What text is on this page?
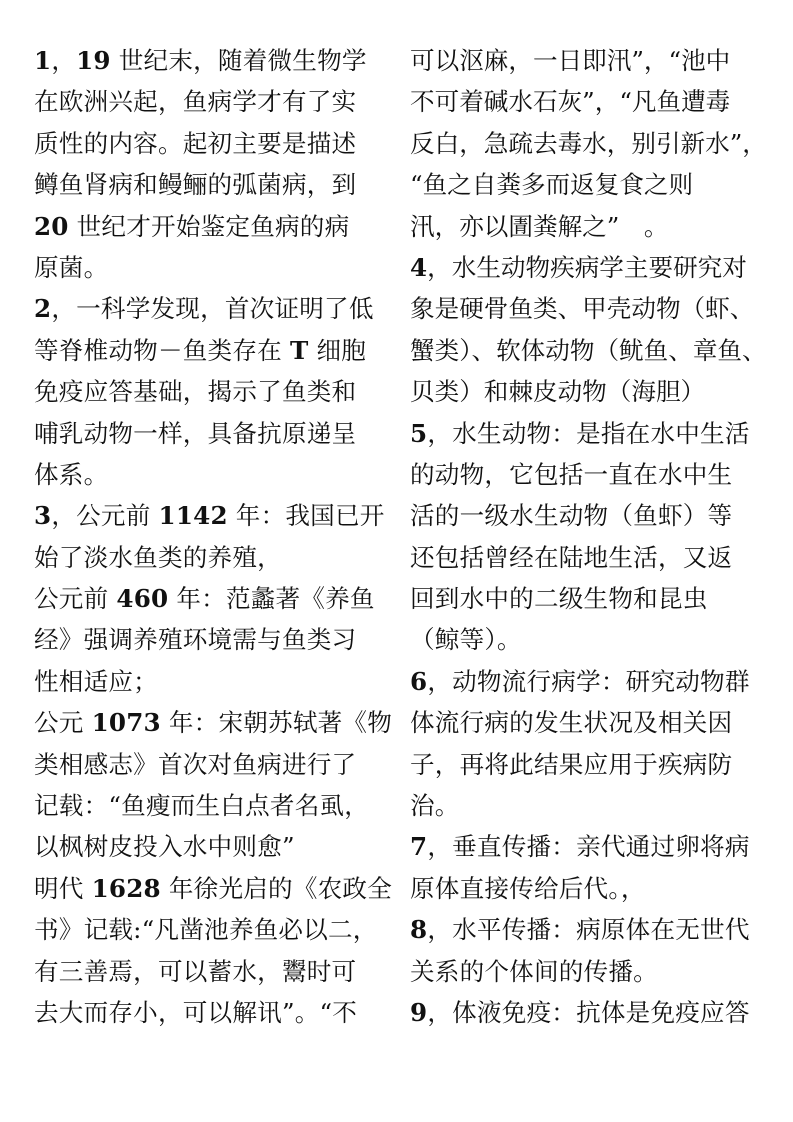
1，19 世纪末，随着微生物学
在欧洲兴起，鱼病学才有了实
质性的内容。起初主要是描述
鳟鱼肾病和鳗鲡的弧菌病，到
20 世纪才开始鉴定鱼病的病
原菌。

2，一科学发现，首次证明了低
等脊椎动物－鱼类存在 T 细胞
免疫应答基础，揭示了鱼类和
哺乳动物一样，具备抗原递呈
体系。

3，公元前 1142 年：我国已开
始了淡水鱼类的养殖，

公元前 460 年：范蠡著《养鱼
经》强调养殖环境需与鱼类习
性相适应；

公元 1073 年：宋朝苏轼著《物
类相感志》首次对鱼病进行了
记载：“鱼瘦而生白点者名虱，
以枫树皮投入水中则愈”

明代 1628 年徐光启的《农政全
书》记载:“凡凿池养鱼必以二，
有三善焉，可以蓄水，鬻时可
去大而存小，可以解讯”。“不

可以沤麻，一日即汛”，“池中
不可着碱水石灰”，“凡鱼遭毒
反白，急疏去毒水，别引新水”，
“鱼之自粪多而返复食之则
汛，亦以圊粪解之”　。

4，水生动物疾病学主要研究对
象是硬骨鱼类、甲壳动物（虾、
蟹类）、软体动物（鱿鱼、章鱼、
贝类）和棘皮动物（海胆）

5，水生动物：是指在水中生活
的动物，它包括一直在水中生
活的一级水生动物（鱼虾）等
还包括曾经在陆地生活，又返
回到水中的二级生物和昆虫
（鲸等）。

6，动物流行病学：研究动物群
体流行病的发生状况及相关因
子，再将此结果应用于疾病防
治。

7，垂直传播：亲代通过卵将病
原体直接传给后代。，

8，水平传播：病原体在无世代
关系的个体间的传播。

9，体液免疫：抗体是免疫应答
